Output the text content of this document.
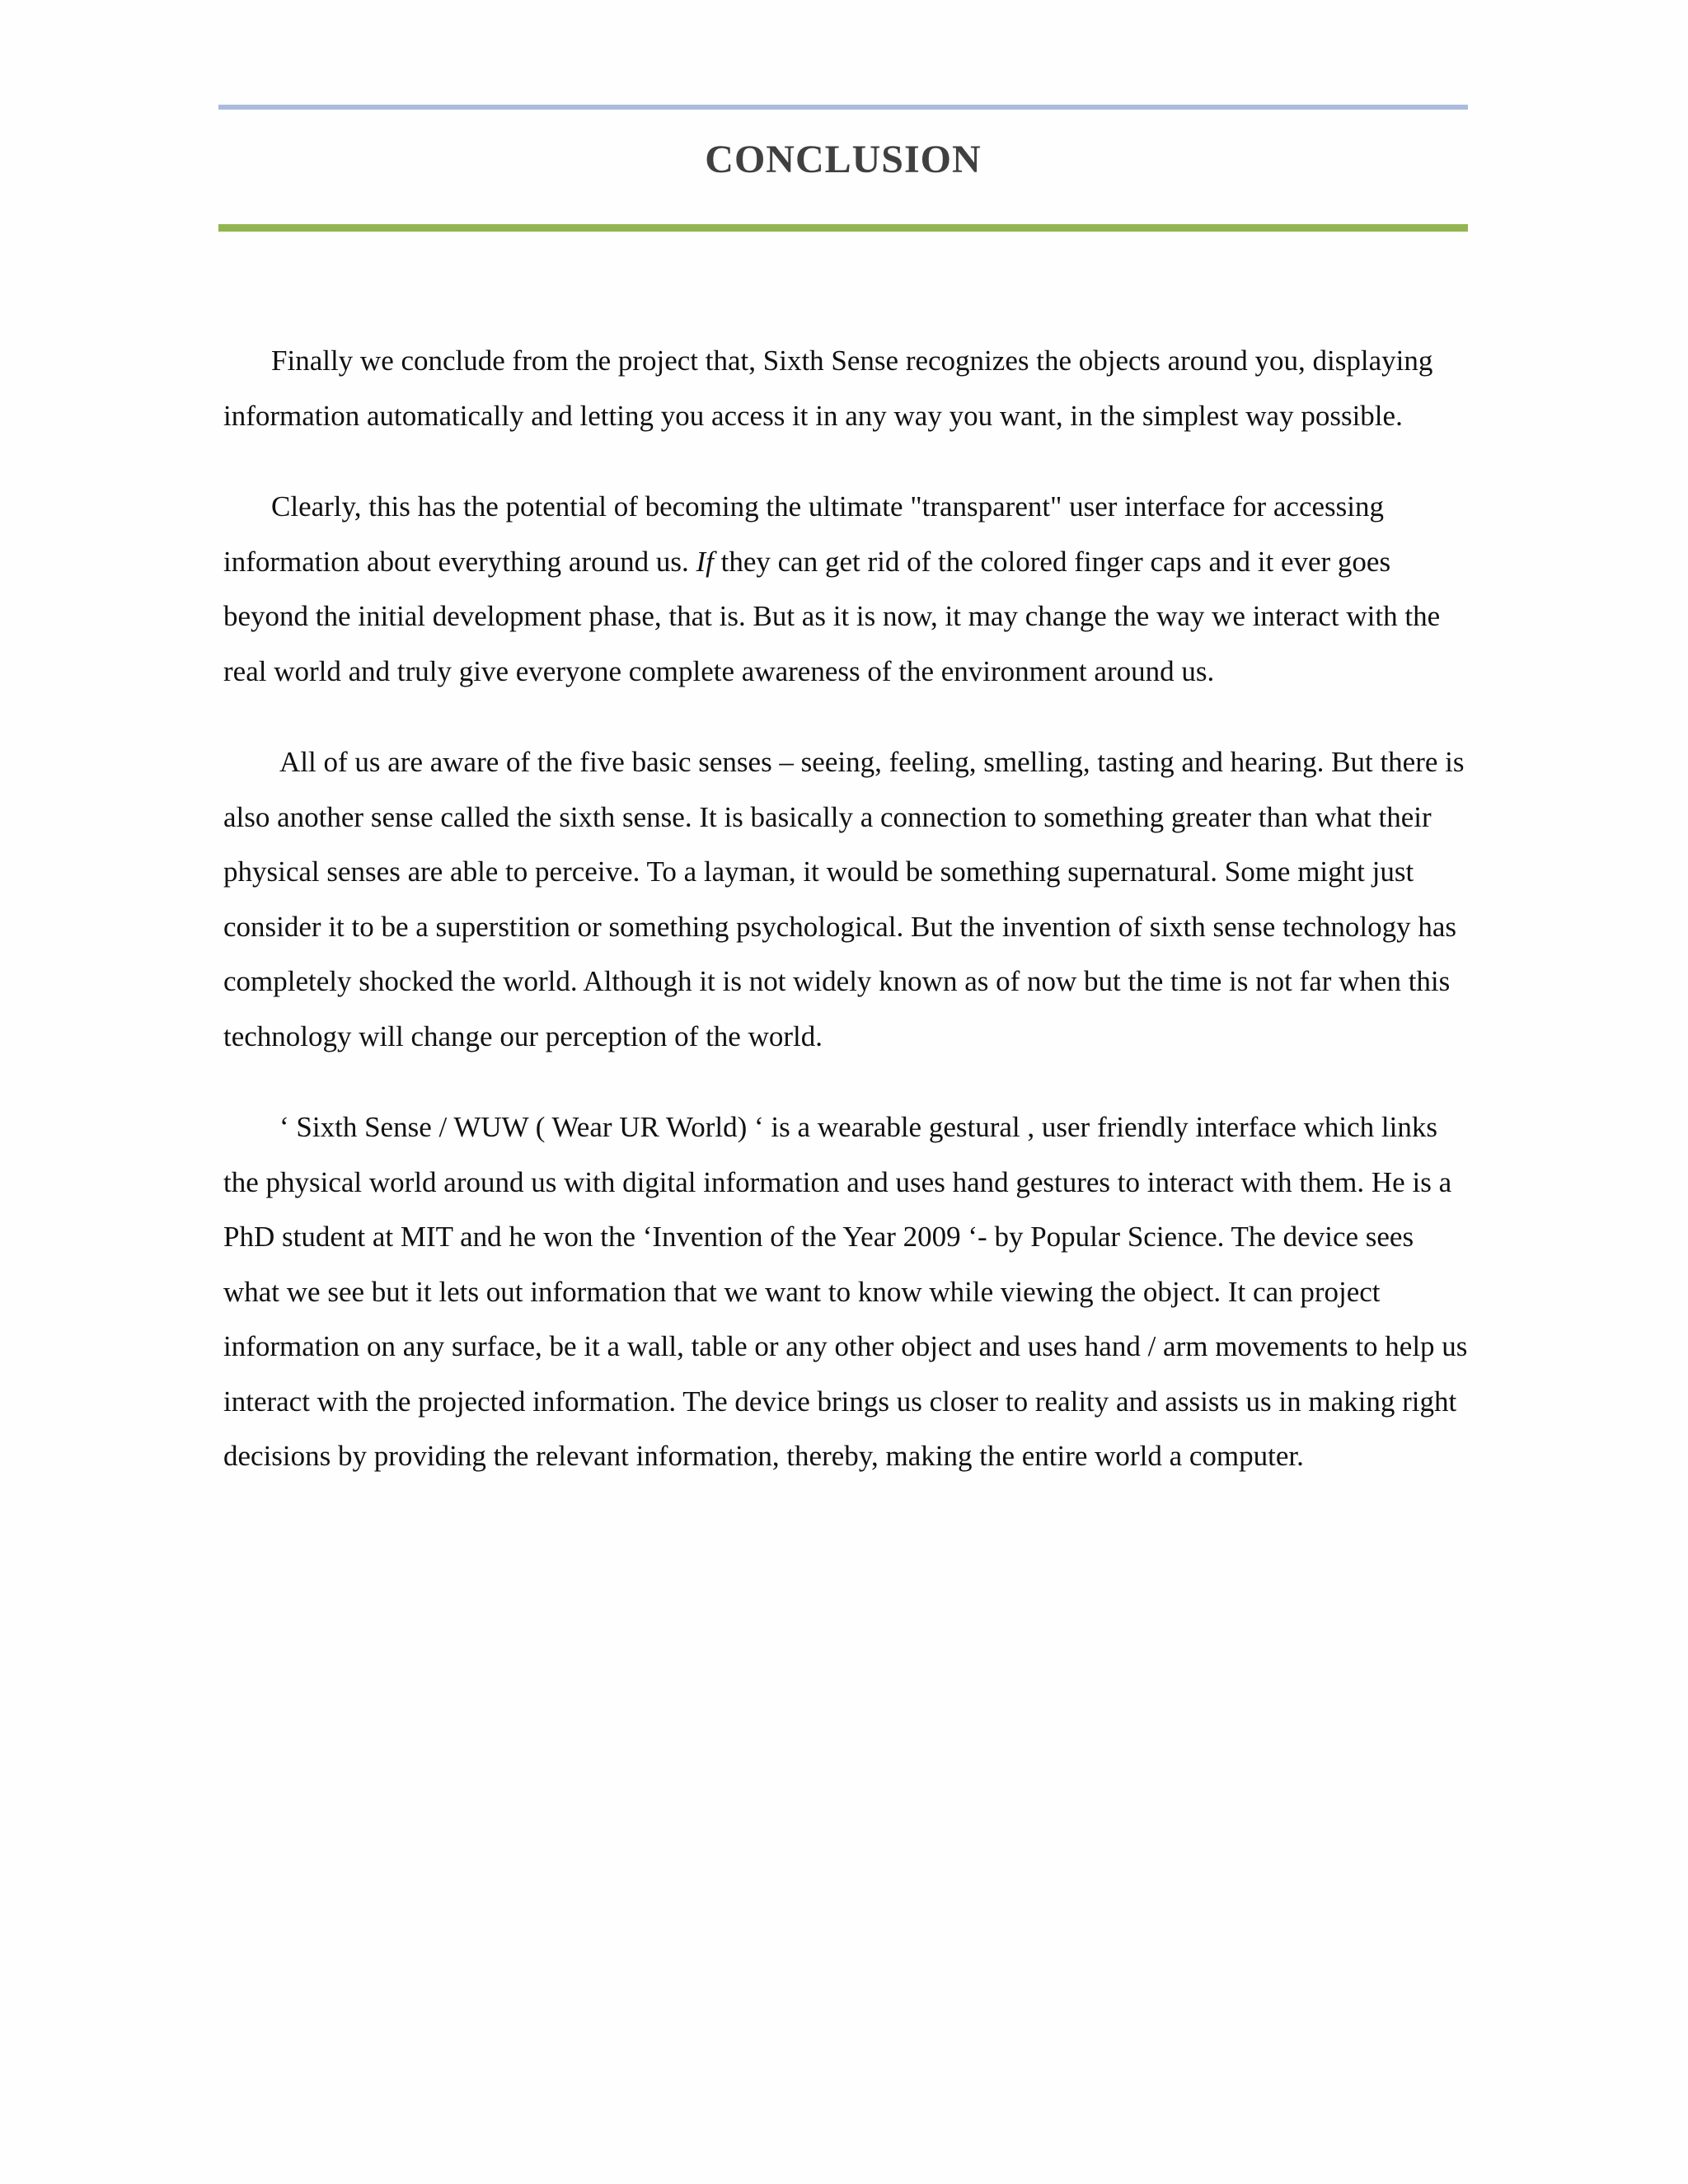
CONCLUSION

Finally we conclude from the project that, Sixth Sense recognizes the objects around you, displaying information automatically and letting you access it in any way you want, in the simplest way possible.

Clearly, this has the potential of becoming the ultimate "transparent" user interface for accessing information about everything around us. If they can get rid of the colored finger caps and it ever goes beyond the initial development phase, that is. But as it is now, it may change the way we interact with the real world and truly give everyone complete awareness of the environment around us.

All of us are aware of the five basic senses – seeing, feeling, smelling, tasting and hearing. But there is also another sense called the sixth sense. It is basically a connection to something greater than what their physical senses are able to perceive. To a layman, it would be something supernatural. Some might just consider it to be a superstition or something psychological. But the invention of sixth sense technology has completely shocked the world. Although it is not widely known as of now but the time is not far when this technology will change our perception of the world.

‘ Sixth Sense / WUW ( Wear UR World) ‘ is a wearable gestural , user friendly interface which links the physical world around us with digital information and uses hand gestures to interact with them. He is a PhD student at MIT and he won the ‘Invention of the Year 2009 ‘- by Popular Science. The device sees what we see but it lets out information that we want to know while viewing the object. It can project information on any surface, be it a wall, table or any other object and uses hand / arm movements to help us interact with the projected information. The device brings us closer to reality and assists us in making right decisions by providing the relevant information, thereby, making the entire world a computer.
